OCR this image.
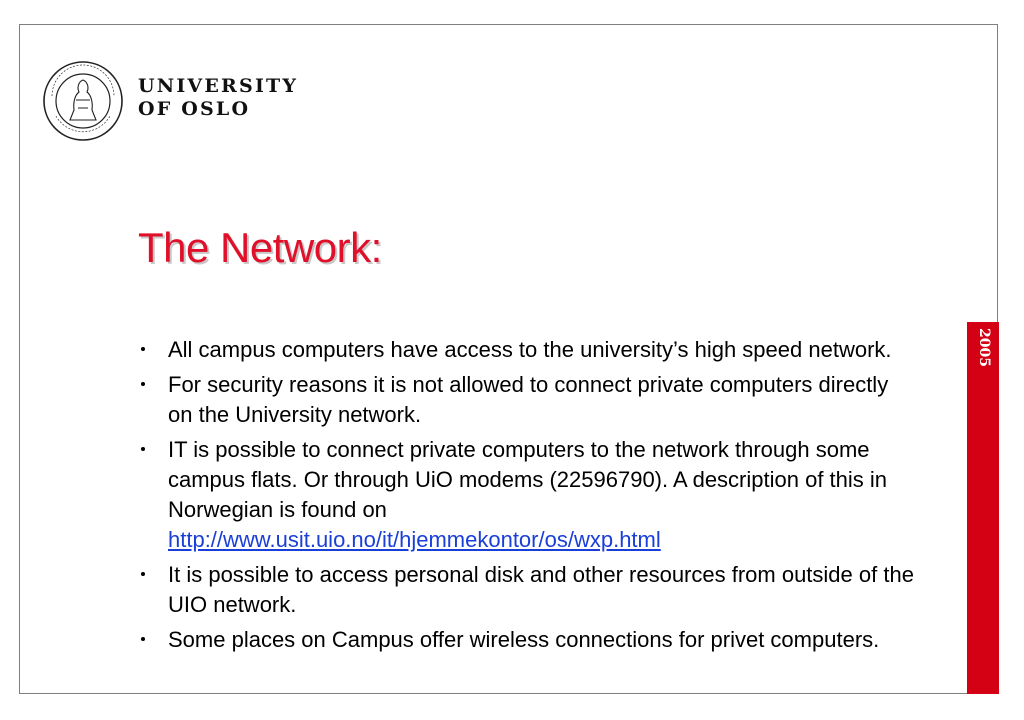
UNIVERSITY
OF OSLO
The Network:
All campus computers have access to the university’s high speed network.
For security reasons it is not allowed to connect private computers directly on the University network.
IT is possible to connect private computers to the network through some campus flats. Or through UiO modems (22596790). A description of this in Norwegian is found on
http://www.usit.uio.no/it/hjemmekontor/os/wxp.html
It is possible to access personal disk and other resources from outside of the UIO network.
Some places on Campus offer wireless connections for privet computers.
2005
